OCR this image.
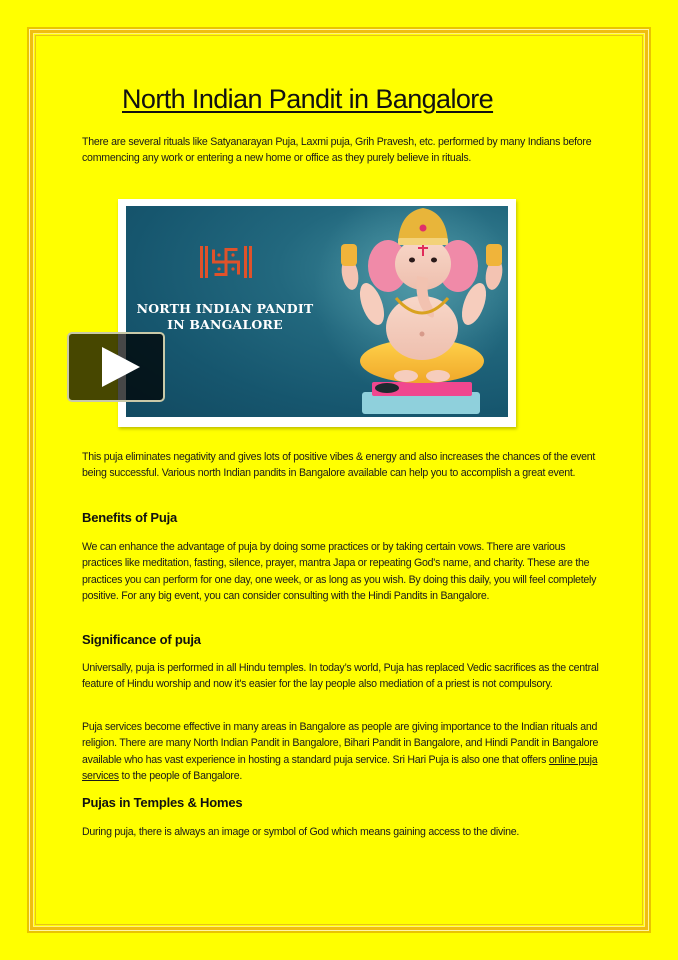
North Indian Pandit in Bangalore

There are several rituals like Satyanarayan Puja, Laxmi puja, Grih Pravesh, etc. performed by many Indians before commencing any work or entering a new home or office as they purely believe in rituals.

NORTH INDIAN PANDIT
IN BANGALORE

This puja eliminates negativity and gives lots of positive vibes & energy and also increases the chances of the event being successful. Various north Indian pandits in Bangalore available can help you to accomplish a great event.

Benefits of Puja

We can enhance the advantage of puja by doing some practices or by taking certain vows. There are various practices like meditation, fasting, silence, prayer, mantra Japa or repeating God's name, and charity. These are the practices you can perform for one day, one week, or as long as you wish. By doing this daily, you will feel completely positive. For any big event, you can consider consulting with the Hindi Pandits in Bangalore.

Significance of puja

Universally, puja is performed in all Hindu temples. In today’s world, Puja has replaced Vedic sacrifices as the central feature of Hindu worship and now it's easier for the lay people also mediation of a priest is not compulsory.

Puja services become effective in many areas in Bangalore as people are giving importance to the Indian rituals and religion. There are many North Indian Pandit in Bangalore, Bihari Pandit in Bangalore, and Hindi Pandit in Bangalore available who has vast experience in hosting a standard puja service. Sri Hari Puja is also one that offers online puja services to the people of Bangalore.

Pujas in Temples & Homes

During puja, there is always an image or symbol of God which means gaining access to the divine.
